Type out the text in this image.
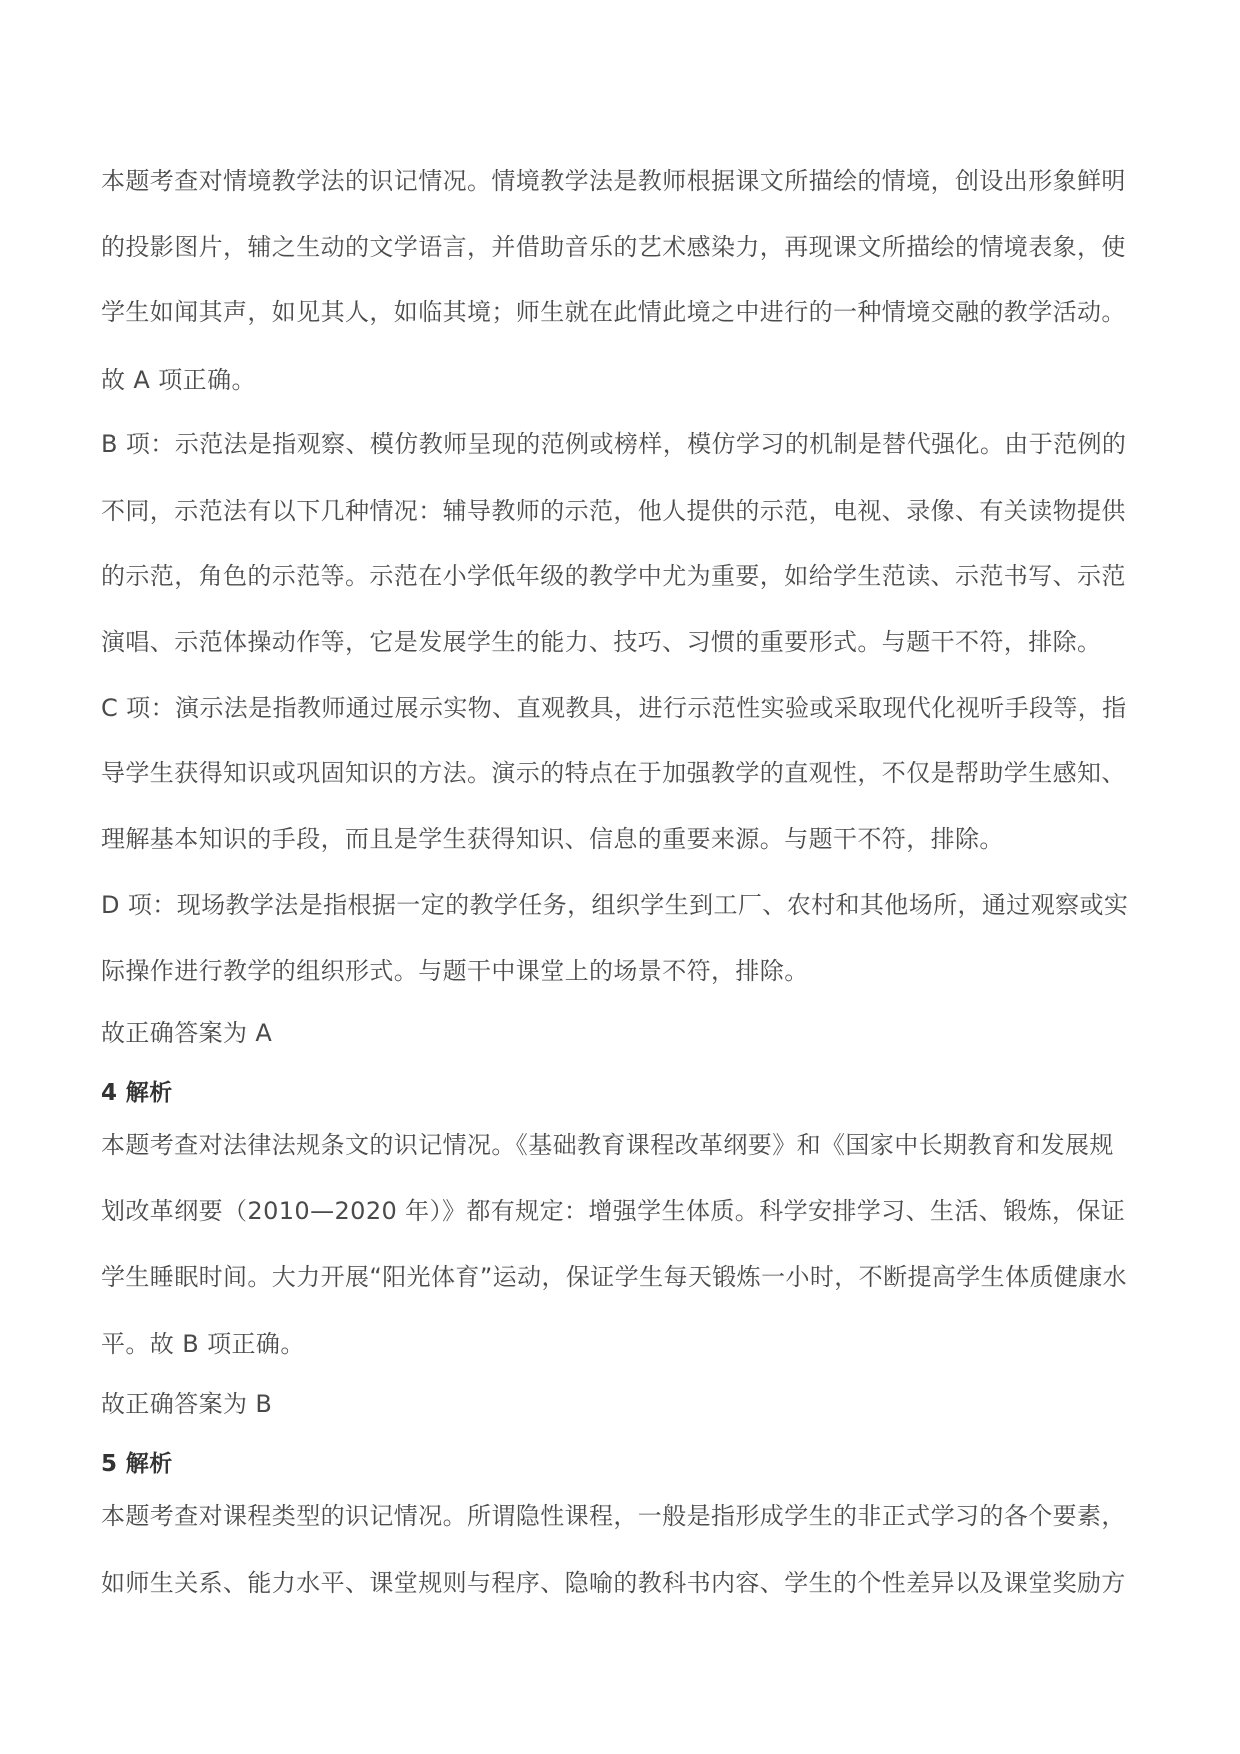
本题考查对情境教学法的识记情况。情境教学法是教师根据课文所描绘的情境，创设出形象鲜明
的投影图片，辅之生动的文学语言，并借助音乐的艺术感染力，再现课文所描绘的情境表象，使
学生如闻其声，如见其人，如临其境；师生就在此情此境之中进行的一种情境交融的教学活动。
故 A 项正确。
B 项：示范法是指观察、模仿教师呈现的范例或榜样，模仿学习的机制是替代强化。由于范例的
不同，示范法有以下几种情况：辅导教师的示范，他人提供的示范，电视、录像、有关读物提供
的示范，角色的示范等。示范在小学低年级的教学中尤为重要，如给学生范读、示范书写、示范
演唱、示范体操动作等，它是发展学生的能力、技巧、习惯的重要形式。与题干不符，排除。
C 项：演示法是指教师通过展示实物、直观教具，进行示范性实验或采取现代化视听手段等，指
导学生获得知识或巩固知识的方法。演示的特点在于加强教学的直观性，不仅是帮助学生感知、
理解基本知识的手段，而且是学生获得知识、信息的重要来源。与题干不符，排除。
D 项：现场教学法是指根据一定的教学任务，组织学生到工厂、农村和其他场所，通过观察或实
际操作进行教学的组织形式。与题干中课堂上的场景不符，排除。
故正确答案为 A
4 解析
本题考查对法律法规条文的识记情况。《基础教育课程改革纲要》和《国家中长期教育和发展规
划改革纲要（2010—2020 年）》都有规定：增强学生体质。科学安排学习、生活、锻炼，保证
学生睡眠时间。大力开展“阳光体育”运动，保证学生每天锻炼一小时，不断提高学生体质健康水
平。故 B 项正确。
故正确答案为 B
5 解析
本题考查对课程类型的识记情况。所谓隐性课程，一般是指形成学生的非正式学习的各个要素，
如师生关系、能力水平、课堂规则与程序、隐喻的教科书内容、学生的个性差异以及课堂奖励方
